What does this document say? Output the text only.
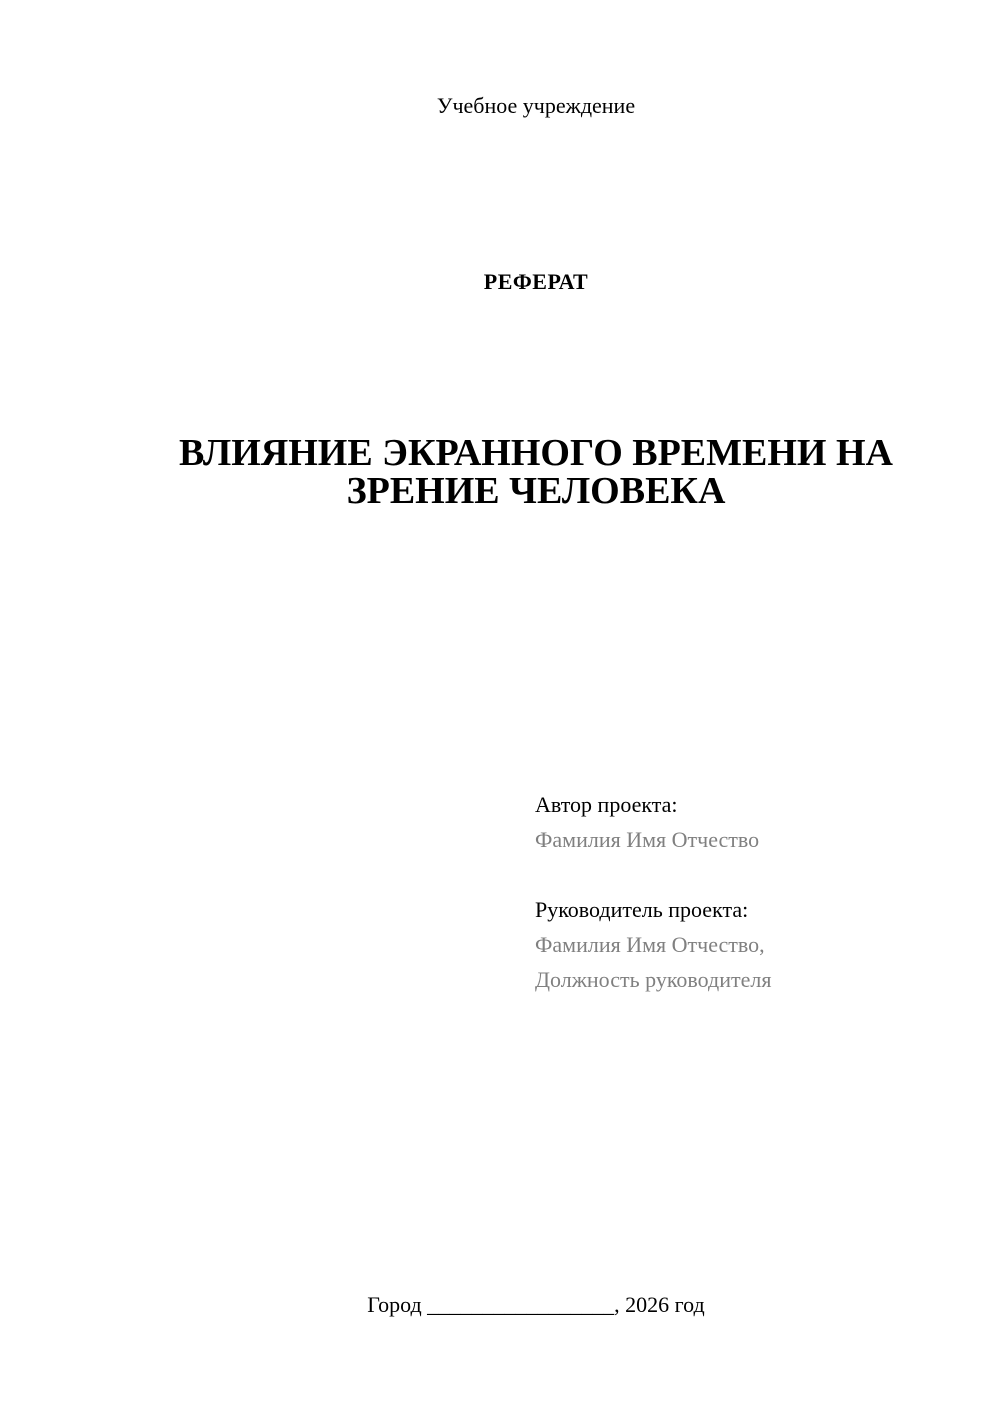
Учебное учреждение
РЕФЕРАТ
ВЛИЯНИЕ ЭКРАННОГО ВРЕМЕНИ НА
ЗРЕНИЕ ЧЕЛОВЕКА
Автор проекта:
Фамилия Имя Отчество
Руководитель проекта:
Фамилия Имя Отчество,
Должность руководителя
Город _________________, 2026 год
